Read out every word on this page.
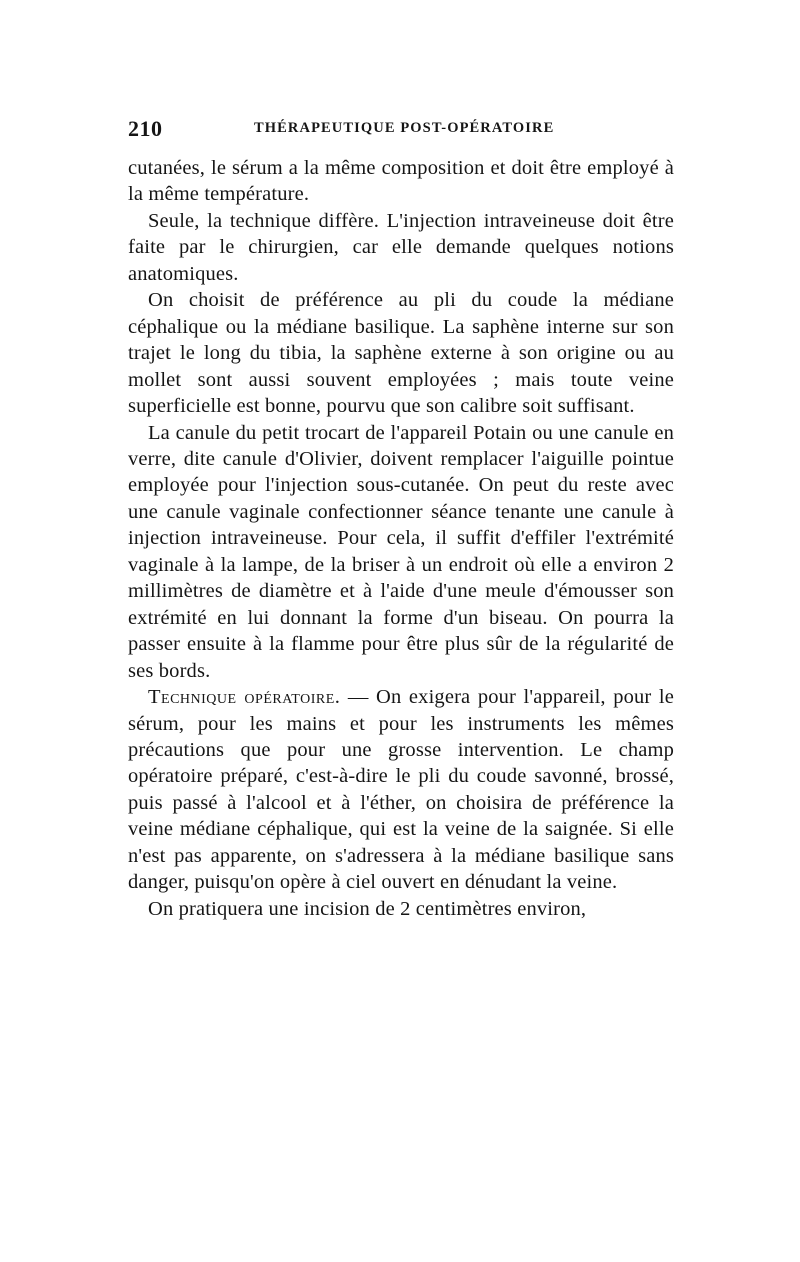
210	THÉRAPEUTIQUE POST-OPÉRATOIRE

cutanées, le sérum a la même composition et doit être employé à la même température.

Seule, la technique diffère. L'injection intraveineuse doit être faite par le chirurgien, car elle demande quelques notions anatomiques.

On choisit de préférence au pli du coude la médiane céphalique ou la médiane basilique. La saphène interne sur son trajet le long du tibia, la saphène externe à son origine ou au mollet sont aussi souvent employées ; mais toute veine superficielle est bonne, pourvu que son calibre soit suffisant.

La canule du petit trocart de l'appareil Potain ou une canule en verre, dite canule d'Olivier, doivent remplacer l'aiguille pointue employée pour l'injection sous-cutanée. On peut du reste avec une canule vaginale confectionner séance tenante une canule à injection intraveineuse. Pour cela, il suffit d'effiler l'extrémité vaginale à la lampe, de la briser à un endroit où elle a environ 2 millimètres de diamètre et à l'aide d'une meule d'émousser son extrémité en lui donnant la forme d'un biseau. On pourra la passer ensuite à la flamme pour être plus sûr de la régularité de ses bords.

Technique opératoire. — On exigera pour l'appareil, pour le sérum, pour les mains et pour les instruments les mêmes précautions que pour une grosse intervention. Le champ opératoire préparé, c'est-à-dire le pli du coude savonné, brossé, puis passé à l'alcool et à l'éther, on choisira de préférence la veine médiane céphalique, qui est la veine de la saignée. Si elle n'est pas apparente, on s'adressera à la médiane basilique sans danger, puisqu'on opère à ciel ouvert en dénudant la veine.

On pratiquera une incision de 2 centimètres environ,
